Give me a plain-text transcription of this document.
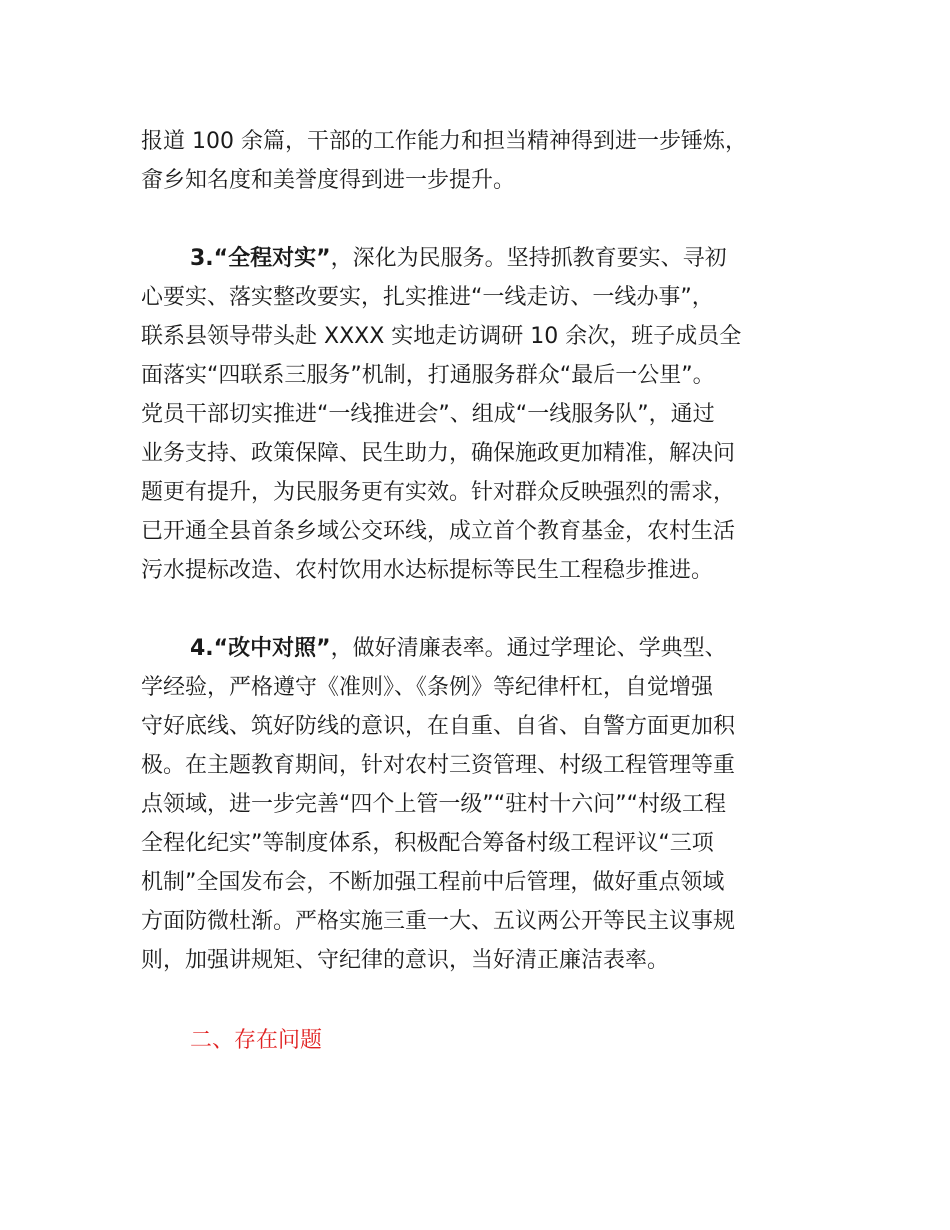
报道 100 余篇，干部的工作能力和担当精神得到进一步锤炼，
畲乡知名度和美誉度得到进一步提升。
3.“全程对实”，深化为民服务。坚持抓教育要实、寻初
心要实、落实整改要实，扎实推进“一线走访、一线办事”，
联系县领导带头赴 XXXX 实地走访调研 10 余次，班子成员全
面落实“四联系三服务”机制，打通服务群众“最后一公里”。
党员干部切实推进“一线推进会”、组成“一线服务队”，通过
业务支持、政策保障、民生助力，确保施政更加精准，解决问
题更有提升，为民服务更有实效。针对群众反映强烈的需求，
已开通全县首条乡域公交环线，成立首个教育基金，农村生活
污水提标改造、农村饮用水达标提标等民生工程稳步推进。
4.“改中对照”，做好清廉表率。通过学理论、学典型、
学经验，严格遵守《准则》、《条例》等纪律杆杠，自觉增强
守好底线、筑好防线的意识，在自重、自省、自警方面更加积
极。在主题教育期间，针对农村三资管理、村级工程管理等重
点领域，进一步完善“四个上管一级”“驻村十六问”“村级工程
全程化纪实”等制度体系，积极配合筹备村级工程评议“三项
机制”全国发布会，不断加强工程前中后管理，做好重点领域
方面防微杜渐。严格实施三重一大、五议两公开等民主议事规
则，加强讲规矩、守纪律的意识，当好清正廉洁表率。
二、存在问题
